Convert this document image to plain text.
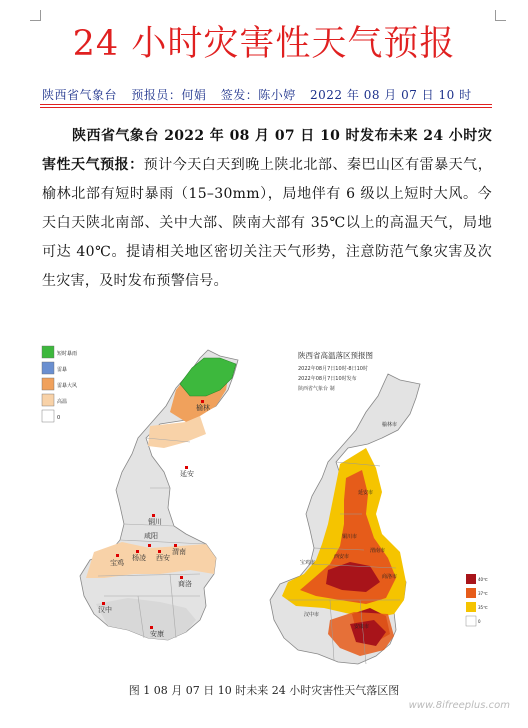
24 小时灾害性天气预报
陕西省气象台 预报员：何娟 签发：陈小婷 2022 年 08 月 07 日 10 时
陕西省气象台 2022 年 08 月 07 日 10 时发布未来 24 小时灾害性天气预报：预计今天白天到晚上陕北北部、秦巴山区有雷暴天气，榆林北部有短时暴雨（15–30mm），局地伴有 6 级以上短时大风。今天白天陕北南部、关中大部、陕南大部有 35℃以上的高温天气，局地可达 40℃。提请相关地区密切关注天气形势，注意防范气象灾害及次生灾害，及时发布预警信号。
短时暴雨
雷暴
雷暴大风
高温
0
榆林
延安
铜川
宝鸡
杨凌
咸阳
西安
渭南
汉中
商洛
安康
陕西省高温落区预报图
2022年08月7日10时-8日10时
2022年08月7日10时发布
陕西省气象台 制
榆林市
延安市
铜川市
宝鸡市
西安市
渭南市
汉中市
商洛市
安康市
40℃
37℃
35℃
0
图 1 08 月 07 日 10 时未来 24 小时灾害性天气落区图
www.8ifreeplus.com
